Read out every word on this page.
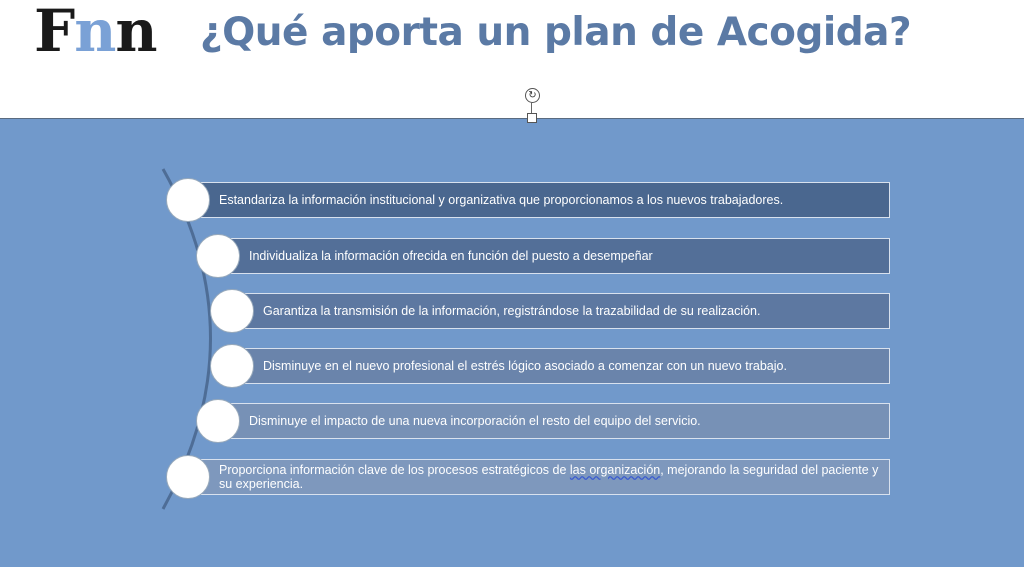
Fnn ¿Qué aporta un plan de Acogida?
↻
Estandariza la información institucional y organizativa que proporcionamos a los nuevos trabajadores.
Individualiza la información ofrecida en función del puesto a desempeñar
Garantiza la transmisión de la información, registrándose la trazabilidad de su realización.
Disminuye en el nuevo profesional el estrés lógico asociado a comenzar con un nuevo trabajo.
Disminuye el impacto de una nueva incorporación el resto del equipo del servicio.
Proporciona información clave de los procesos estratégicos de las organización, mejorando la seguridad del paciente y su experiencia.
